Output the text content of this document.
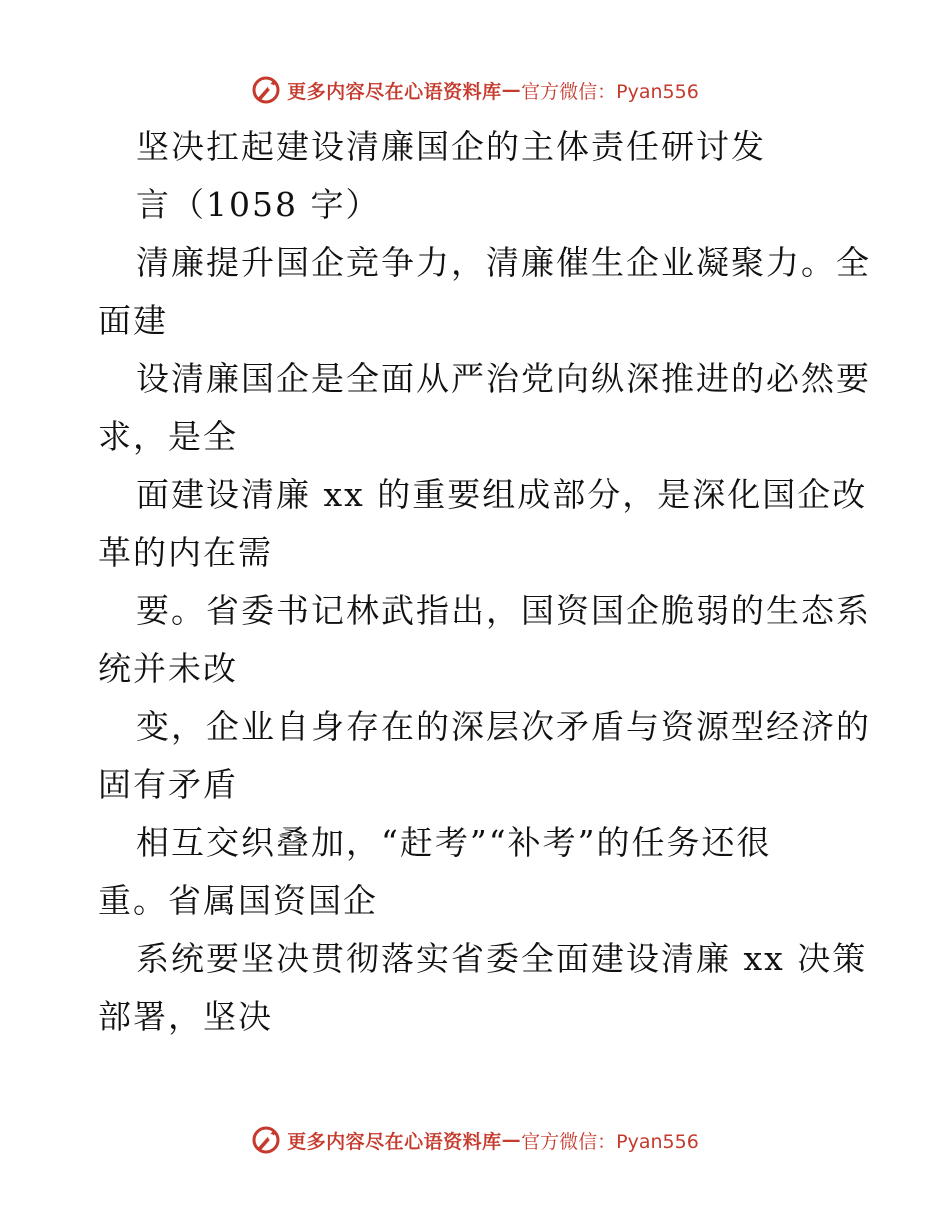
更多内容尽在心语资料库 — 官方微信：Pyan556
坚决扛起建设清廉国企的主体责任研讨发
言（1058 字）
清廉提升国企竞争力，清廉催生企业凝聚力。全
面建
设清廉国企是全面从严治党向纵深推进的必然要
求，是全
面建设清廉 xx 的重要组成部分，是深化国企改
革的内在需
要。省委书记林武指出，国资国企脆弱的生态系
统并未改
变，企业自身存在的深层次矛盾与资源型经济的
固有矛盾
相互交织叠加，“赶考”“补考”的任务还很
重。省属国资国企
系统要坚决贯彻落实省委全面建设清廉 xx 决策
部署，坚决
更多内容尽在心语资料库 — 官方微信：Pyan556
